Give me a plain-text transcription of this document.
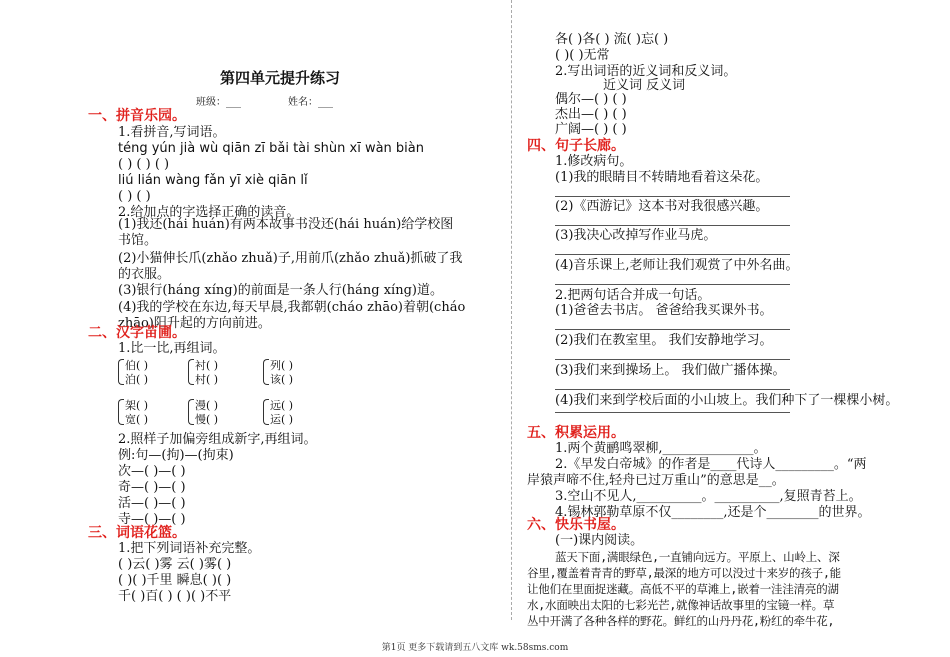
第四单元提升练习
班级：___	姓名：___
一、拼音乐园。
1.看拼音,写词语。
téng yún jià wù qiān zī bǎi tài shùn xī wàn biàn
( ) ( ) ( )
liú lián wàng fǎn yī xiè qiān lǐ
( ) ( )
2.给加点的字选择正确的读音。
(1)我还(hái huán)有两本故事书没还(hái huán)给学校图
书馆。
(2)小猫伸长爪(zhǎo zhuǎ)子,用前爪(zhǎo zhuǎ)抓破了我
的衣服。
(3)银行(háng xíng)的前面是一条人行(háng xíng)道。
(4)我的学校在东边,每天早晨,我都朝(cháo zhāo)着朝(cháo
zhāo)阳升起的方向前进。
二、汉字苗圃。
1.比一比,再组词。
伯( )
泊( )
衬( )
村( )
列( )
该( )
架( )
宽( )
漫( )
慢( )
远( )
运( )
2.照样子加偏旁组成新字,再组词。
例:句—(拘)—(拘束)
次—( )—( )
奇—( )—( )
活—( )—( )
寺—( )—( )
三、词语花篮。
1.把下列词语补充完整。
( )云( )雾 云( )雾( )
( )( )千里 瞬息( )( )
千( )百( ) ( )( )不平
各( )各( ) 流( )忘( )
( )( )无常
2.写出词语的近义词和反义词。
近义词 反义词
偶尔—( ) ( )
杰出—( ) ( )
广阔—( ) ( )
四、句子长廊。
1.修改病句。
(1)我的眼睛目不转睛地看着这朵花。
(2)《西游记》这本书对我很感兴趣。
(3)我决心改掉写作业马虎。
(4)音乐课上,老师让我们观赏了中外名曲。
2.把两句话合并成一句话。
(1)爸爸去书店。 爸爸给我买课外书。
(2)我们在教室里。 我们安静地学习。
(3)我们来到操场上。 我们做广播体操。
(4)我们来到学校后面的小山坡上。我们种下了一棵棵小树。
五、积累运用。
1.两个黄鹂鸣翠柳,______________。
2.《早发白帝城》的作者是____代诗人_________。“两
岸猿声啼不住,轻舟已过万重山”的意思是__。
3.空山不见人,__________。__________,复照青苔上。
4.锡林郭勒草原不仅________,还是个________的世界。
六、快乐书屋。
(一)课内阅读。
蓝天下面,满眼绿色,一直铺向远方。平原上、山岭上、深
谷里,覆盖着青青的野草,最深的地方可以没过十来岁的孩子,能
让他们在里面捉迷藏。高低不平的草滩上,嵌着一洼洼清亮的湖
水,水面映出太阳的七彩光芒,就像神话故事里的宝镜一样。草
丛中开满了各种各样的野花。鲜红的山丹丹花,粉红的牵牛花,
第1页 更多下载请到五八文库 wk.58sms.com
